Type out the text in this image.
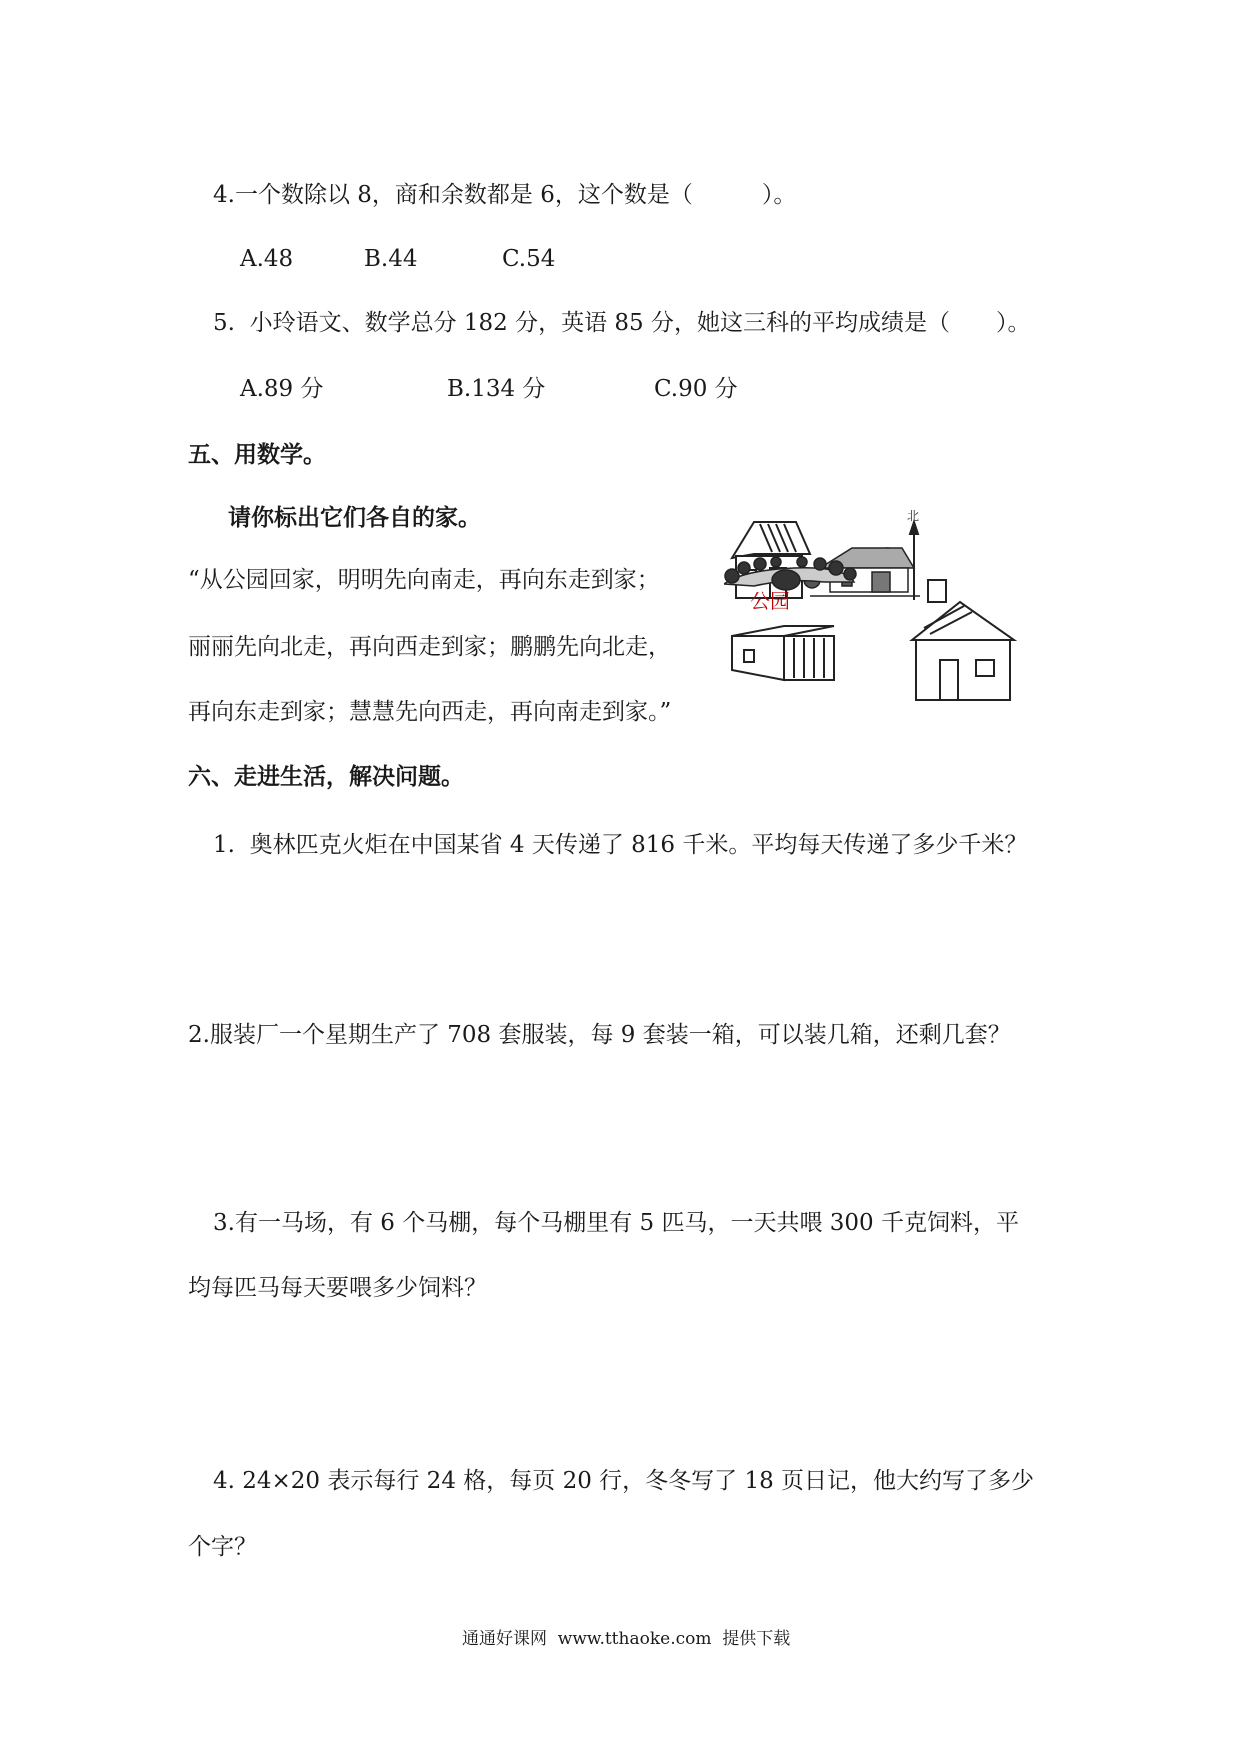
4.一个数除以 8，商和余数都是 6，这个数是（　　　）。
A.48	B.44	C.54
5.  小玲语文、数学总分 182 分，英语 85 分，她这三科的平均成绩是（　　）。
A.89 分	B.134 分	C.90 分
五、用数学。
请你标出它们各自的家。
“从公园回家，明明先向南走，再向东走到家；
丽丽先向北走，再向西走到家；鹏鹏先向北走，
再向东走到家；慧慧先向西走，再向南走到家。”
北
公园
六、走进生活，解决问题。
1.  奥林匹克火炬在中国某省 4 天传递了 816 千米。平均每天传递了多少千米？
2.服装厂一个星期生产了 708 套服装，每 9 套装一箱，可以装几箱，还剩几套？
3.有一马场，有 6 个马棚，每个马棚里有 5 匹马，一天共喂 300 千克饲料，平
均每匹马每天要喂多少饲料？
4. 24×20 表示每行 24 格，每页 20 行，冬冬写了 18 页日记，他大约写了多少
个字？
通通好课网  www.tthaoke.com  提供下载
